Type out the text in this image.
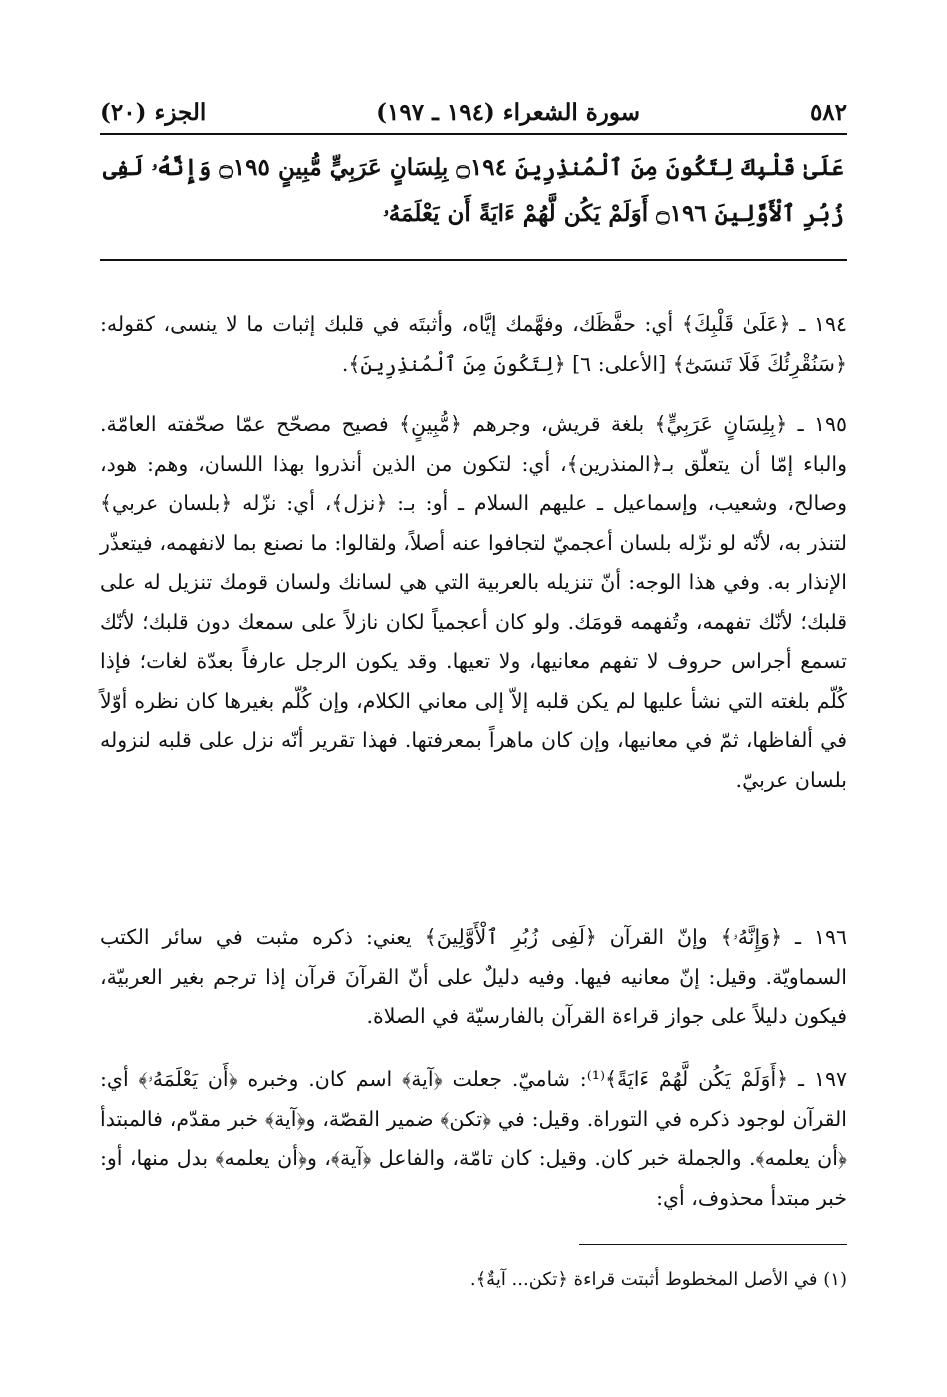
٥٨٢
سورة الشعراء (١٩٤ ـ ١٩٧)
الجزء (٢٠)
عَلَىٰ قَلْبِكَ لِتَكُونَ مِنَ ٱلْمُنذِرِينَ ۝١٩٤ بِلِسَانٍ عَرَبِيٍّ مُّبِينٍ ۝١٩٥ وَإِنَّهُۥ لَفِى زُبُرِ ٱلْأَوَّلِينَ ۝١٩٦ أَوَلَمْ يَكُن لَّهُمْ ءَايَةً أَن يَعْلَمَهُۥ
١٩٤ ـ ﴿عَلَىٰ قَلْبِكَ﴾ أي: حفَّظَك، وفهَّمك إيَّاه، وأثبتَه في قلبك إثبات ما لا ينسى، كقوله: ﴿سَنُقْرِئُكَ فَلَا تَنسَىٰٓ﴾ [الأعلى: ٦] ﴿لِتَكُونَ مِنَ ٱلْمُنذِرِينَ﴾.
١٩٥ ـ ﴿بِلِسَانٍ عَرَبِيٍّ﴾ بلغة قريش، وجرهم ﴿مُّبِينٍ﴾ فصيح مصحّح عمّا صحّفته العامّة. والباء إمّا أن يتعلّق بـ﴿المنذرين﴾، أي: لتكون من الذين أنذروا بهذا اللسان، وهم: هود، وصالح، وشعيب، وإسماعيل ـ عليهم السلام ـ أو: بـ: ﴿نزل﴾، أي: نزّله ﴿بلسان عربي﴾ لتنذر به، لأنّه لو نزّله بلسان أعجميّ لتجافوا عنه أصلاً، ولقالوا: ما نصنع بما لانفهمه، فيتعذّر الإنذار به. وفي هذا الوجه: أنّ تنزيله بالعربية التي هي لسانك ولسان قومك تنزيل له على قلبك؛ لأنّك تفهمه، وتُفهمه قومَك. ولو كان أعجمياً لكان نازلاً على سمعك دون قلبك؛ لأنّك تسمع أجراس حروف لا تفهم معانيها، ولا تعيها. وقد يكون الرجل عارفاً بعدّة لغات؛ فإذا كُلّم بلغته التي نشأ عليها لم يكن قلبه إلاّ إلى معاني الكلام، وإن كُلّم بغيرها كان نظره أوّلاً في ألفاظها، ثمّ في معانيها، وإن كان ماهراً بمعرفتها. فهذا تقرير أنّه نزل على قلبه لنزوله بلسان عربيّ.
١٩٦ ـ ﴿وَإِنَّهُۥ﴾ وإنّ القرآن ﴿لَفِى زُبُرِ ٱلْأَوَّلِينَ﴾ يعني: ذكره مثبت في سائر الكتب السماويّة. وقيل: إنّ معانيه فيها. وفيه دليلٌ على أنّ القرآنَ قرآن إذا ترجم بغير العربيّة، فيكون دليلاً على جواز قراءة القرآن بالفارسيّة في الصلاة.
١٩٧ ـ ﴿أَوَلَمْ يَكُن لَّهُمْ ءَايَةً﴾⁽¹⁾: شاميّ. جعلت ﴿آية﴾ اسم كان. وخبره ﴿أَن يَعْلَمَهُۥ﴾ أي: القرآن لوجود ذكره في التوراة. وقيل: في ﴿تكن﴾ ضمير القصّة، و﴿آية﴾ خبر مقدّم، فالمبتدأ ﴿أن يعلمه﴾. والجملة خبر كان. وقيل: كان تامّة، والفاعل ﴿آية﴾، و﴿أن يعلمه﴾ بدل منها، أو: خبر مبتدأ محذوف، أي:
(١) في الأصل المخطوط أثبتت قراءة ﴿تكن... آيةٌ﴾.
